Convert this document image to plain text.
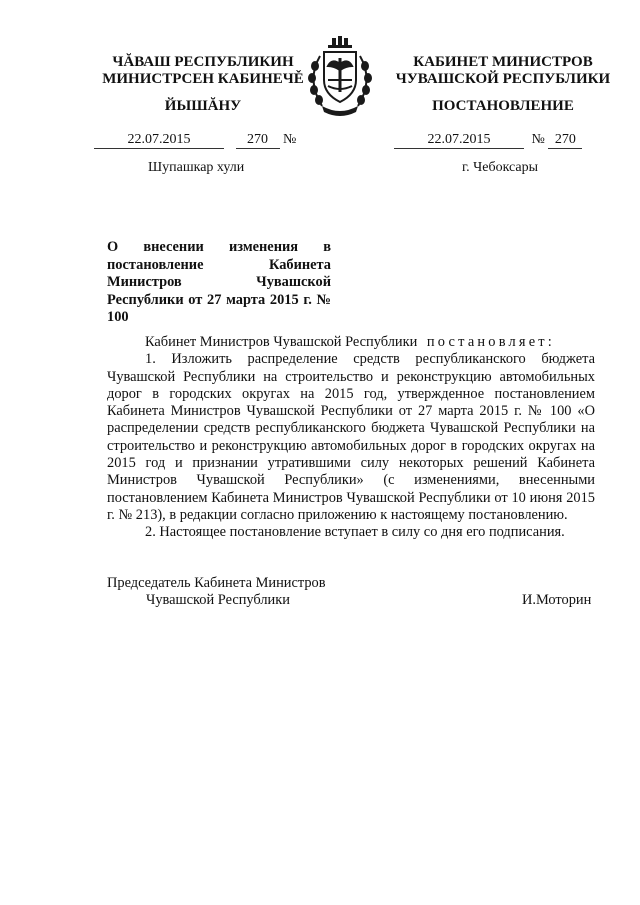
ЧĂВАШ РЕСПУБЛИКИН
МИНИСТРСЕН КАБИНЕЧĚ
ЙЫШĂНУ
КАБИНЕТ МИНИСТРОВ
ЧУВАШСКОЙ РЕСПУБЛИКИ
ПОСТАНОВЛЕНИЕ
22.07.2015	270 №	22.07.2015	№ 270
Шупашкар хули	г. Чебоксары
О внесении изменения в постановление Кабинета Министров Чувашской Республики от 27 марта 2015 г. № 100

Кабинет Министров Чувашской Республики постановляет:

1. Изложить распределение средств республиканского бюджета Чувашской Республики на строительство и реконструкцию автомобильных дорог в городских округах на 2015 год, утвержденное постановлением Кабинета Министров Чувашской Республики от 27 марта 2015 г. № 100 «О распределении средств республиканского бюджета Чувашской Республики на строительство и реконструкцию автомобильных дорог в городских округах на 2015 год и признании утратившими силу некоторых решений Кабинета Министров Чувашской Республики» (с изменениями, внесенными постановлением Кабинета Министров Чувашской Республики от 10 июня 2015 г. № 213), в редакции согласно приложению к настоящему постановлению.

2. Настоящее постановление вступает в силу со дня его подписания.

Председатель Кабинета Министров
Чувашской Республики	И.Моторин
